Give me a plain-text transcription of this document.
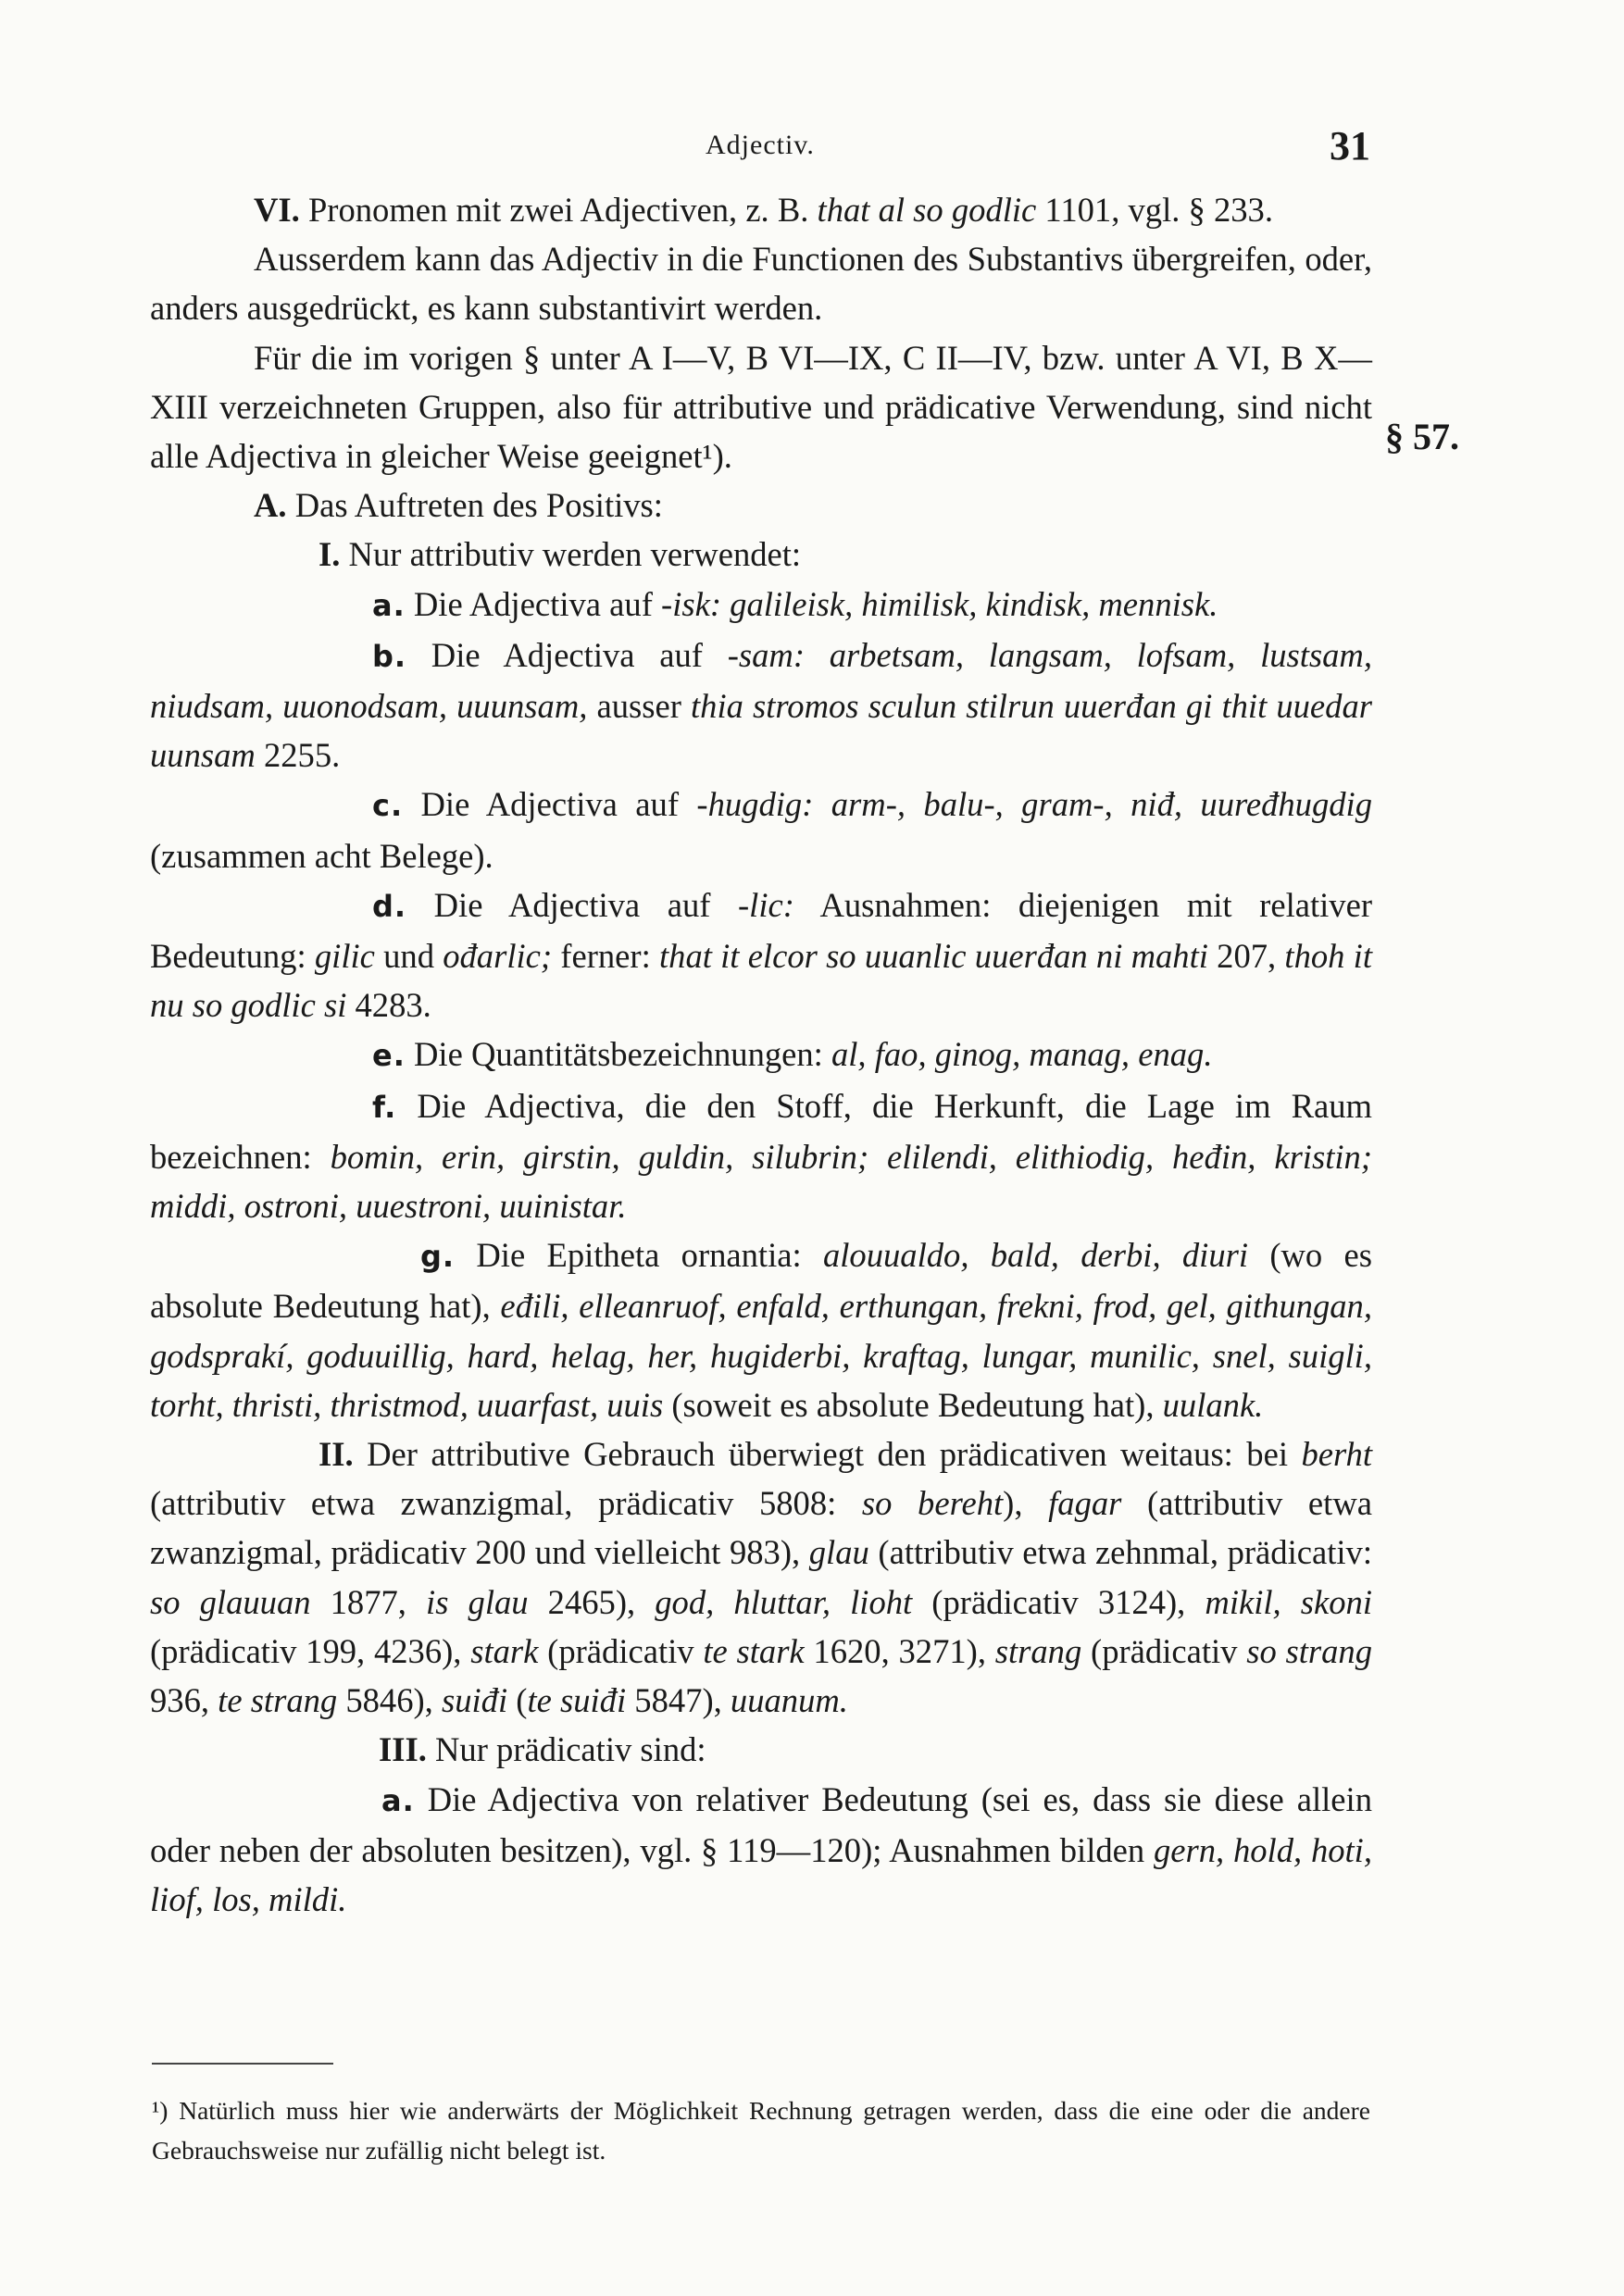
Adjectiv.	31
§ 57.

VI. Pronomen mit zwei Adjectiven, z. B. that al so godlic 1101, vgl. § 233.

Ausserdem kann das Adjectiv in die Functionen des Substantivs übergreifen, oder, anders ausgedrückt, es kann substantivirt werden.

Für die im vorigen § unter A I—V, B VI—IX, C II—IV, bzw. unter A VI, B X—XIII verzeichneten Gruppen, also für attributive und prädicative Verwendung, sind nicht alle Adjectiva in gleicher Weise geeignet¹).

A. Das Auftreten des Positivs:

I. Nur attributiv werden verwendet:

a. Die Adjectiva auf -isk: galileisk, himilisk, kindisk, mennisk.

b. Die Adjectiva auf -sam: arbetsam, langsam, lofsam, lustsam, niudsam, uuonodsam, uuunsam, ausser thia stromos sculun stilrun uuerđan gi thit uuedar uunsam 2255.

c. Die Adjectiva auf -hugdig: arm-, balu-, gram-, niđ, uuređhugdig (zusammen acht Belege).

d. Die Adjectiva auf -lic: Ausnahmen: diejenigen mit relativer Bedeutung: gilic und ođarlic; ferner: that it elcor so uuanlic uuerđan ni mahti 207, thoh it nu so godlic si 4283.

e. Die Quantitätsbezeichnungen: al, fao, ginog, manag, enag.

f. Die Adjectiva, die den Stoff, die Herkunft, die Lage im Raum bezeichnen: bomin, erin, girstin, guldin, silubrin; elilendi, elithiodig, heđin, kristin; middi, ostroni, uuestroni, uuinistar.

g. Die Epitheta ornantia: alouualdo, bald, derbi, diuri (wo es absolute Bedeutung hat), eđili, elleanruof, enfald, erthungan, frekni, frod, gel, githungan, godsprakí, goduuillig, hard, helag, her, hugiderbi, kraftag, lungar, munilic, snel, suigli, torht, thristi, thristmod, uuarfast, uuis (soweit es absolute Bedeutung hat), uulank.

II. Der attributive Gebrauch überwiegt den prädicativen weitaus: bei berht (attributiv etwa zwanzigmal, prädicativ 5808: so bereht), fagar (attributiv etwa zwanzigmal, prädicativ 200 und vielleicht 983), glau (attributiv etwa zehnmal, prädicativ: so glauuan 1877, is glau 2465), god, hluttar, lioht (prädicativ 3124), mikil, skoni (prädicativ 199, 4236), stark (prädicativ te stark 1620, 3271), strang (prädicativ so strang 936, te strang 5846), suiđi (te suiđi 5847), uuanum.

III. Nur prädicativ sind:

a. Die Adjectiva von relativer Bedeutung (sei es, dass sie diese allein oder neben der absoluten besitzen), vgl. § 119—120); Ausnahmen bilden gern, hold, hoti, liof, los, mildi.

¹) Natürlich muss hier wie anderwärts der Möglichkeit Rechnung getragen werden, dass die eine oder die andere Gebrauchsweise nur zufällig nicht belegt ist.
